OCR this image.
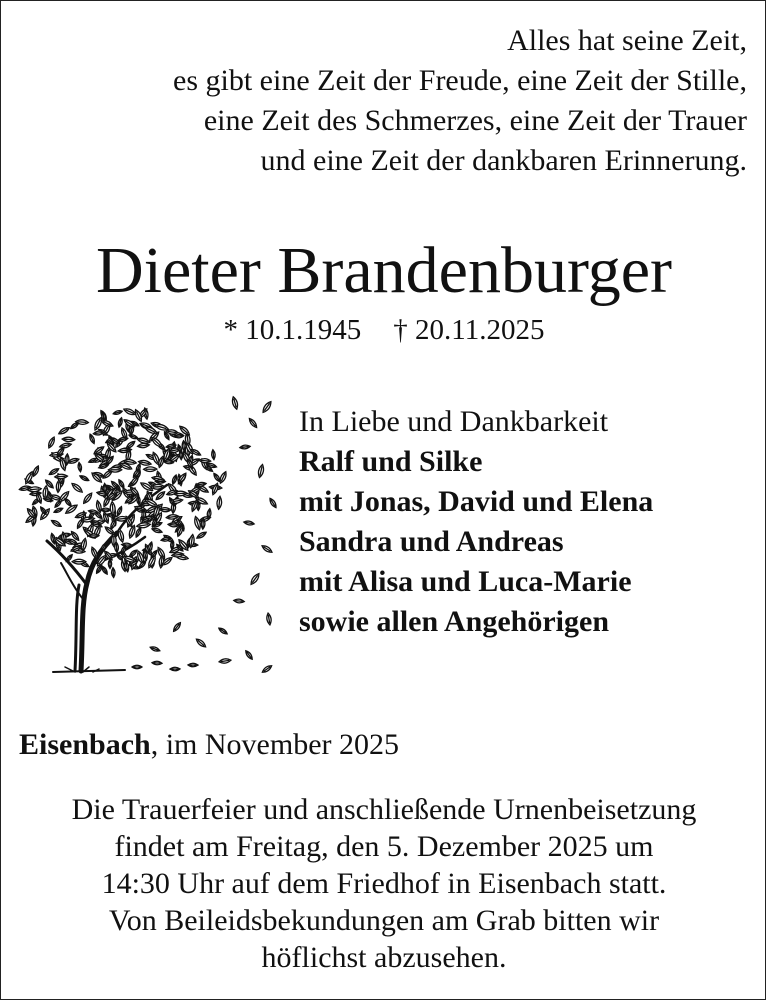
Alles hat seine Zeit,
es gibt eine Zeit der Freude, eine Zeit der Stille,
eine Zeit des Schmerzes, eine Zeit der Trauer
und eine Zeit der dankbaren Erinnerung.
Dieter Brandenburger
* 10.1.1945 † 20.11.2025
In Liebe und Dankbarkeit
Ralf und Silke
mit Jonas, David und Elena
Sandra und Andreas
mit Alisa und Luca-Marie
sowie allen Angehörigen
Eisenbach, im November 2025
Die Trauerfeier und anschließende Urnenbeisetzung
findet am Freitag, den 5. Dezember 2025 um
14:30 Uhr auf dem Friedhof in Eisenbach statt.
Von Beileidsbekundungen am Grab bitten wir
höflichst abzusehen.
